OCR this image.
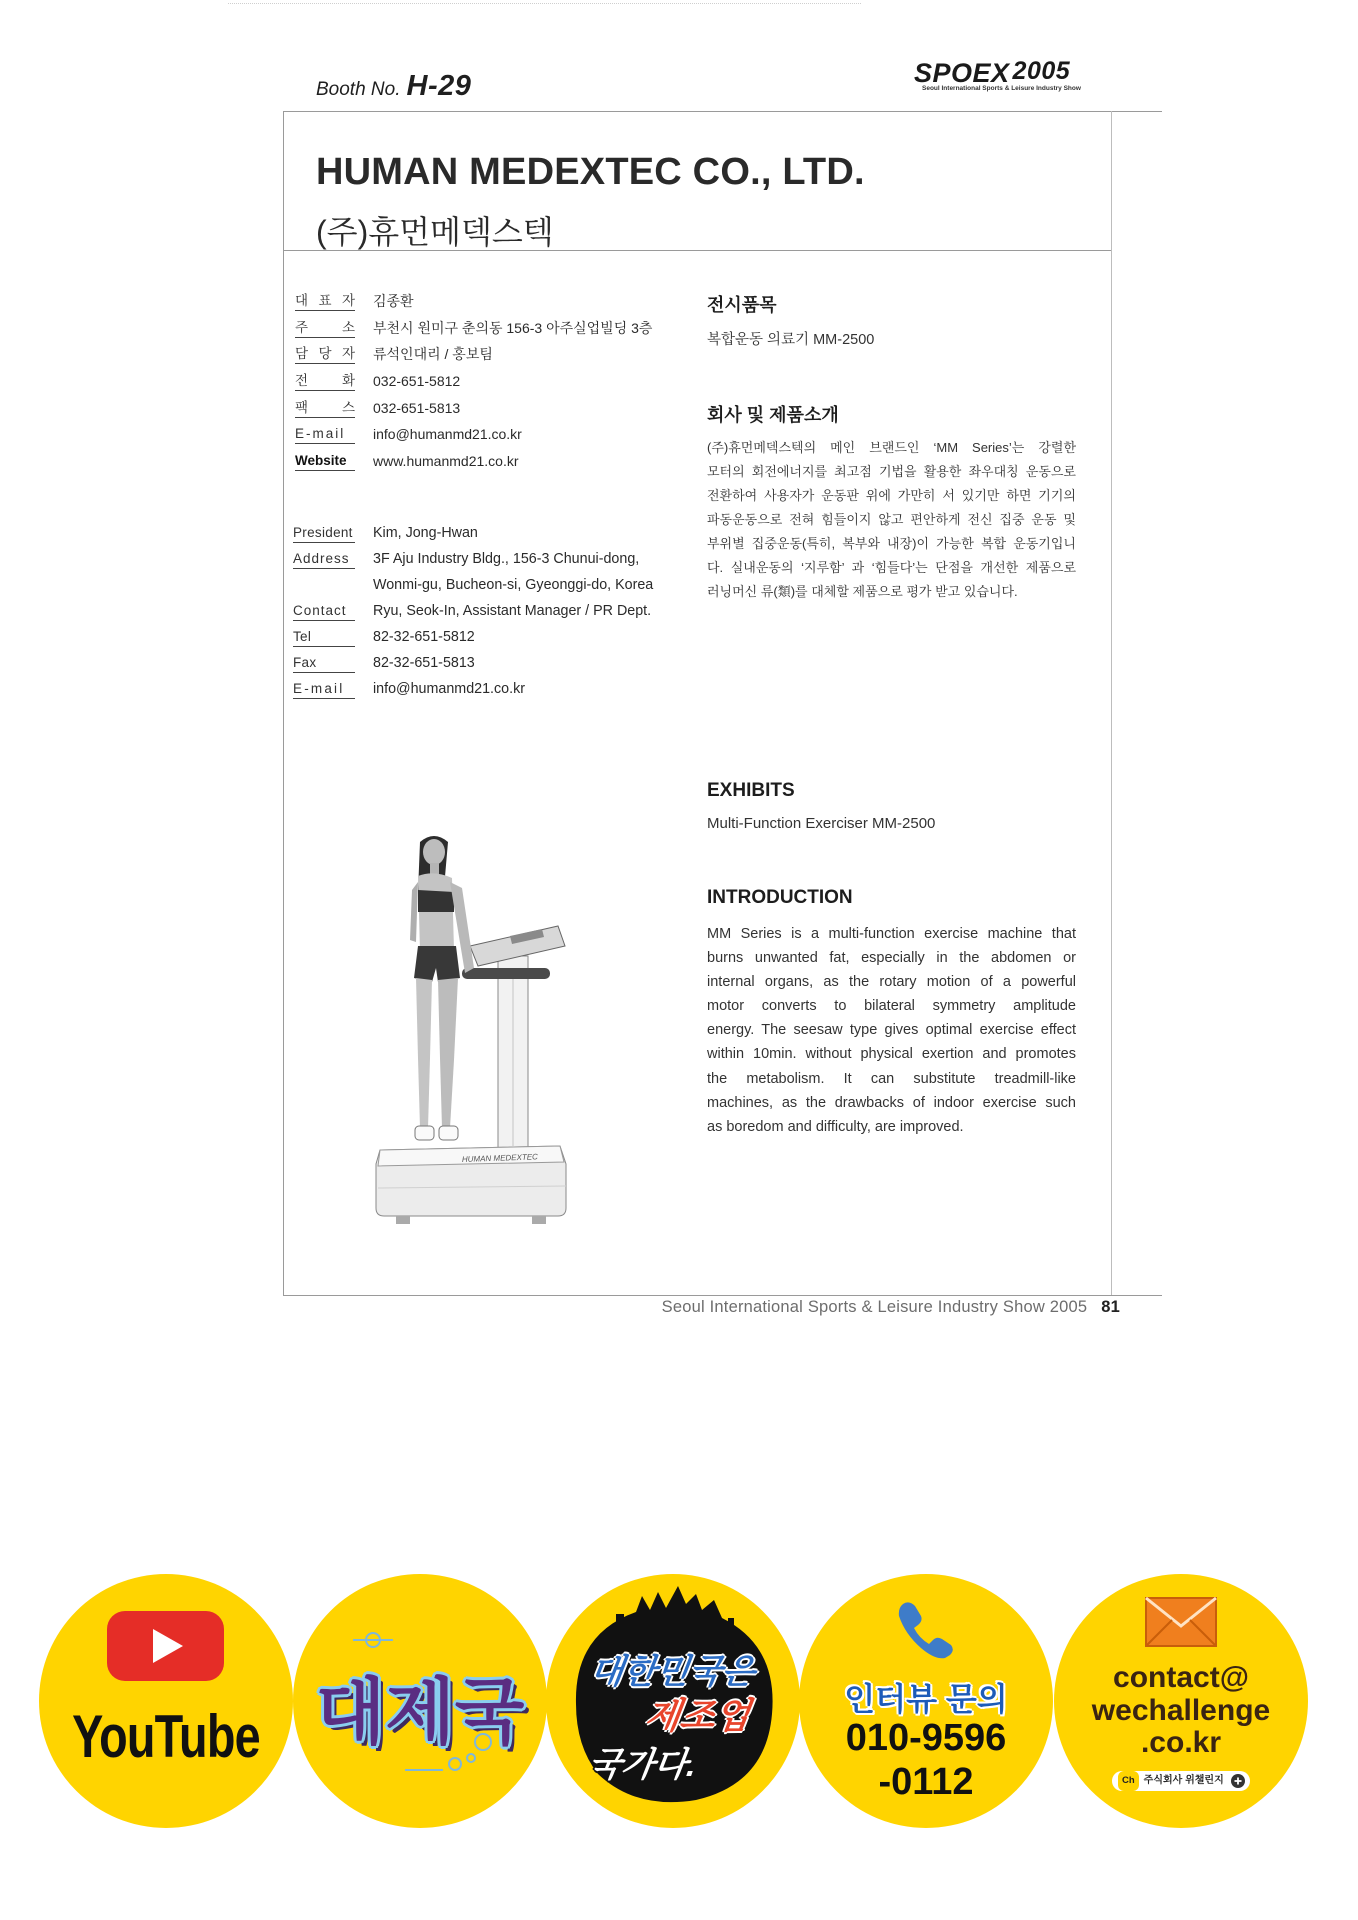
Booth No. H-29	SPOEX 2005
Seoul International Sports & Leisure Industry Show
HUMAN MEDEXTEC CO., LTD.
(주)휴먼메덱스텍
대 표 자 김종환
주 소 부천시 원미구 춘의동 156-3 아주실업빌딩 3층
담 당 자 류석인대리 / 홍보팀
전 화 032-651-5812
팩 스 032-651-5813
E-mail	info@humanmd21.co.kr
Website	www.humanmd21.co.kr
President Kim, Jong-Hwan
Address	3F Aju Industry Bldg., 156-3 Chunui-dong,
Wonmi-gu, Bucheon-si, Gyeonggi-do, Korea
Contact	Ryu, Seok-In, Assistant Manager / PR Dept.
Tel	82-32-651-5812
Fax	82-32-651-5813
E-mail	info@humanmd21.co.kr
전시품목
복합운동 의료기 MM-2500
회사 및 제품소개
(주)휴먼메덱스텍의 메인 브랜드인 ‘MM Series’는 강렬한
모터의 회전에너지를 최고점 기법을 활용한 좌우대칭 운동으로
전환하여 사용자가 운동판 위에 가만히 서 있기만 하면 기기의
파동운동으로 전혀 힘들이지 않고 편안하게 전신 집중 운동 및
부위별 집중운동(특히, 복부와 내장)이 가능한 복합 운동기입니
다. 실내운동의 ‘지루함’ 과 ‘힘들다’는 단점을 개선한 제품으로
러닝머신 류(類)를 대체할 제품으로 평가 받고 있습니다.
EXHIBITS
Multi-Function Exerciser MM-2500
INTRODUCTION
MM Series is a multi-function exercise machine that
burns unwanted fat, especially in the abdomen or
internal organs, as the rotary motion of a powerful
motor converts to bilateral symmetry amplitude
energy. The seesaw type gives optimal exercise effect
within 10min. without physical exertion and promotes
the metabolism. It can substitute treadmill-like
machines, as the drawbacks of indoor exercise such
as boredom and difficulty, are improved.
HUMAN MEDEXTEC
Seoul International Sports & Leisure Industry Show 2005 81
YouTube 대제국
대한민국은
제조업
국가다.
인터뷰 문의
010-9596
-0112
contact@
wechallenge
.co.kr
Ch 주식회사 위챌린지
